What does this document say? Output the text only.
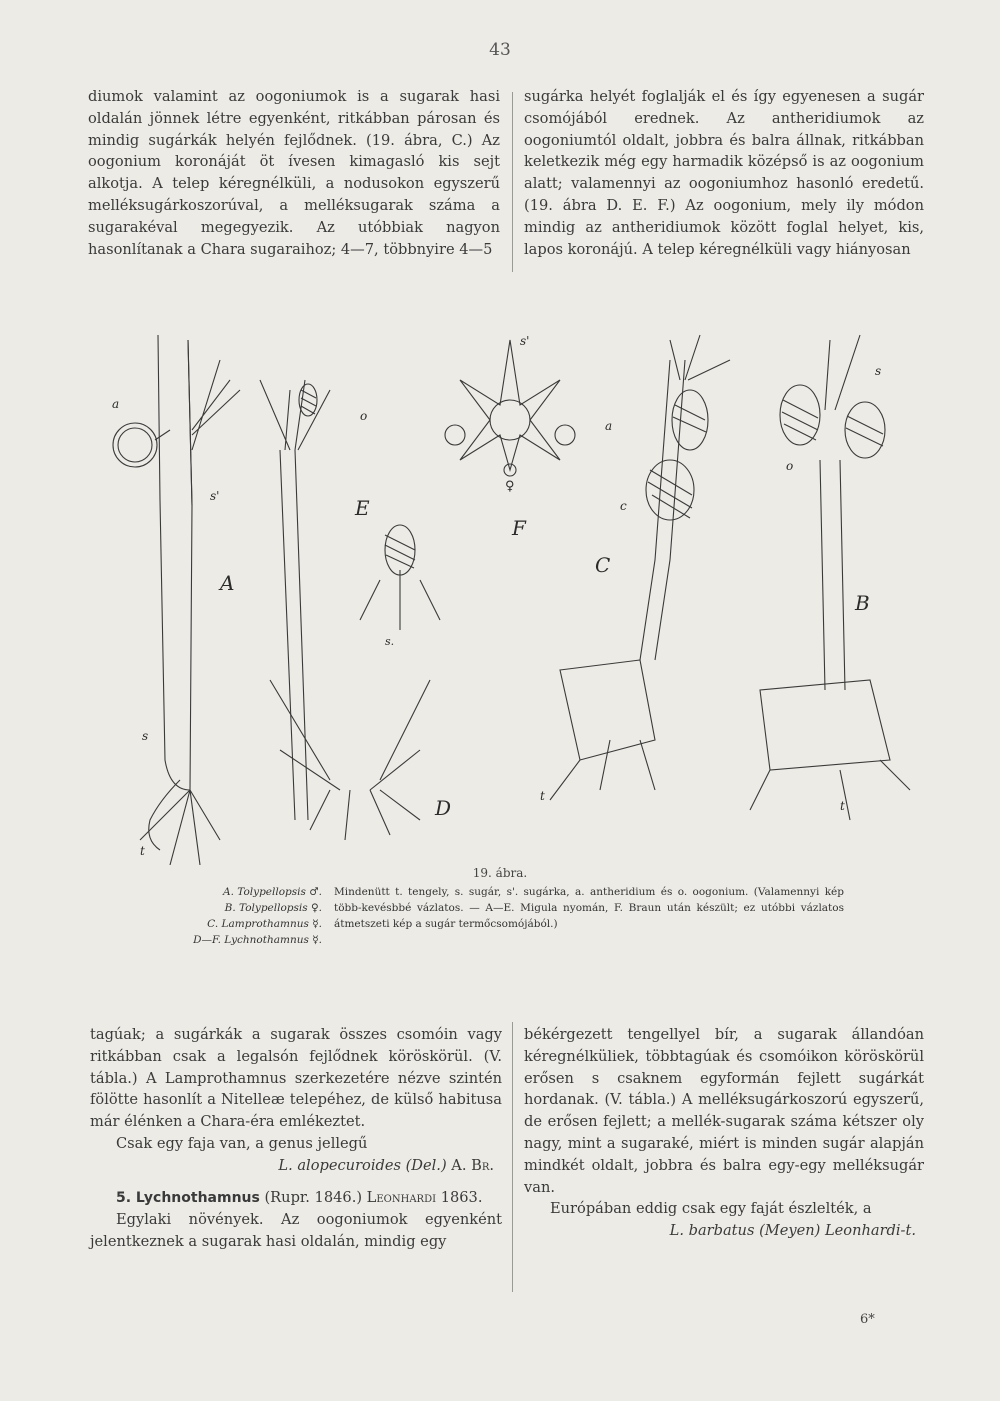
43

diumok valamint az oogoniumok is a sugarak hasi oldalán jönnek létre egyenként, ritkábban párosan és mindig sugárkák helyén fejlődnek. (19. ábra, C.) Az oogonium koronáját öt ívesen kimagasló kis sejt alkotja. A telep kéregnélküli, a nodusokon egyszerű melléksugárkoszorúval, a melléksugarak száma a sugarakéval megegyezik. Az utóbbiak nagyon hasonlítanak a Chara sugaraihoz; 4—7, többnyire 4—5

sugárka helyét foglalják el és így egyenesen a sugár csomójából erednek. Az antheridiumok az oogoniumtól oldalt, jobbra és balra állnak, ritkábban keletkezik még egy harmadik középső is az oogonium alatt; valamennyi az oogoniumhoz hasonló eredetű. (19. ábra D. E. F.) Az oogonium, mely ily módon mindig az antheridiumok között foglal helyet, kis, lapos koronájú. A telep kéregnélküli vagy hiányosan

A
B
C
D
E
F
a
s'
s
t
o
s.
s'
♀
a
c
t
s
o
t
19. ábra.
A. Tolypellopsis ♂.
B. Tolypellopsis ♀.
C. Lamprothamnus ☿.
D—F. Lychnothamnus ☿.
Mindenütt t. tengely, s. sugár, s'. sugárka, a. antheridium és o. oogonium. (Valamennyi kép több-kevésbbé vázlatos. — A—E. Migula nyomán, F. Braun után készült; ez utóbbi vázlatos átmetszeti kép a sugár termőcsomójából.)

tagúak; a sugárkák a sugarak összes csomóin vagy ritkábban csak a legalsón fejlődnek köröskörül. (V. tábla.) A Lamprothamnus szerkezetére nézve szintén fölötte hasonlít a Nitelleæ telepéhez, de külső habitusa már élénken a Chara-éra emlékeztet.

Csak egy faja van, a genus jellegű

L. alopecuroides (Del.) A. Br.

5. Lychnothamnus (Rupr. 1846.) Leonhardi 1863.

Egylaki növények. Az oogoniumok egyenként jelentkeznek a sugarak hasi oldalán, mindig egy

békérgezett tengellyel bír, a sugarak állandóan kéregnélküliek, többtagúak és csomóikon köröskörül erősen s csaknem egyformán fejlett sugárkát hordanak. (V. tábla.) A melléksugárkoszorú egyszerű, de erősen fejlett; a mellék-sugarak száma kétszer oly nagy, mint a sugaraké, miért is minden sugár alapján mindkét oldalt, jobbra és balra egy-egy melléksugár van.

Európában eddig csak egy faját észlelték, a

L. barbatus (Meyen) Leonhardi-t.

6*
